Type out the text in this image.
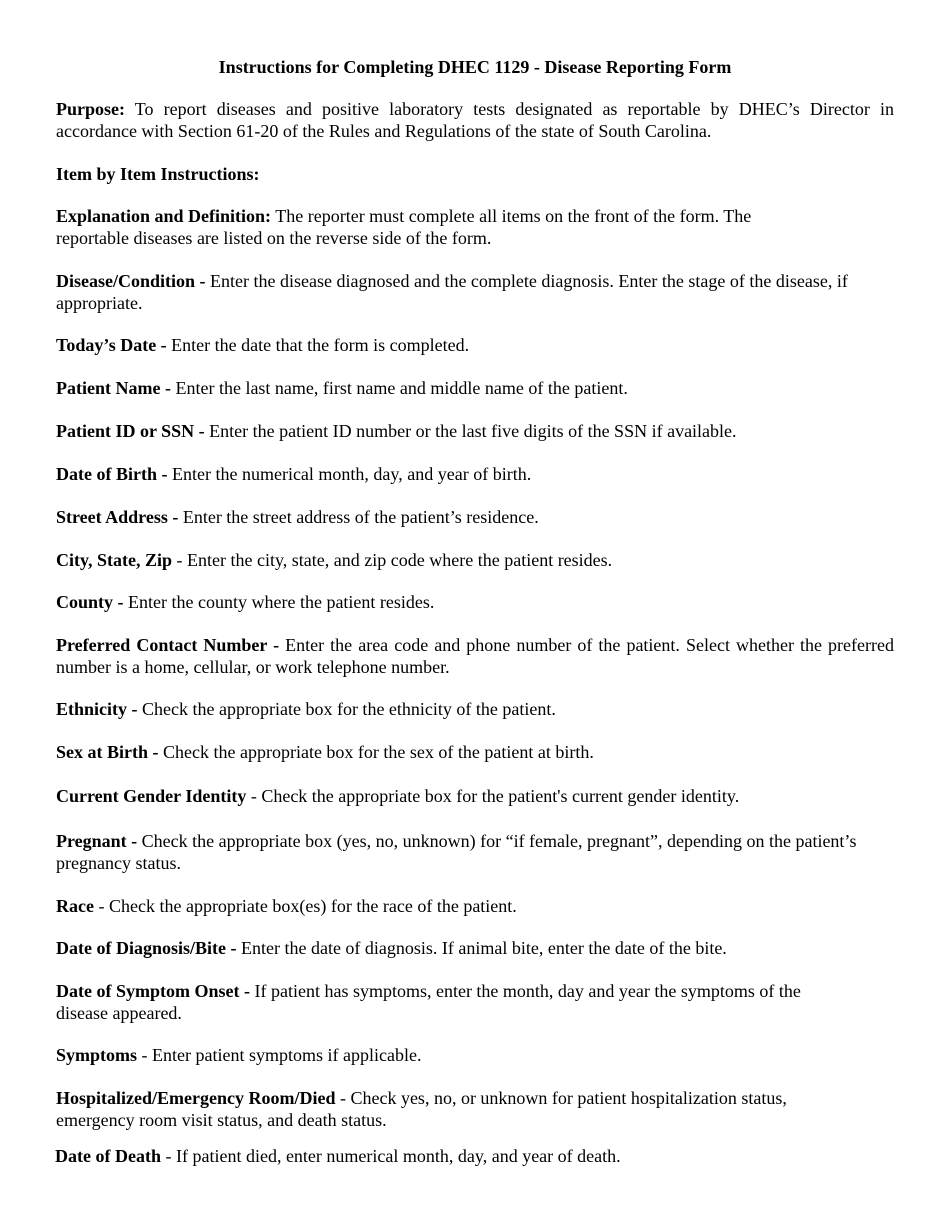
Instructions for Completing DHEC 1129 - Disease Reporting Form

Purpose: To report diseases and positive laboratory tests designated as reportable by DHEC’s Director in accordance with Section 61-20 of the Rules and Regulations of the state of South Carolina.

Item by Item Instructions:

Explanation and Definition: The reporter must complete all items on the front of the form. The reportable diseases are listed on the reverse side of the form.

Disease/Condition - Enter the disease diagnosed and the complete diagnosis. Enter the stage of the disease, if appropriate.

Today’s Date - Enter the date that the form is completed.

Patient Name - Enter the last name, first name and middle name of the patient.

Patient ID or SSN - Enter the patient ID number or the last five digits of the SSN if available.

Date of Birth - Enter the numerical month, day, and year of birth.

Street Address - Enter the street address of the patient’s residence.

City, State, Zip - Enter the city, state, and zip code where the patient resides.

County - Enter the county where the patient resides.

Preferred Contact Number - Enter the area code and phone number of the patient. Select whether the preferred number is a home, cellular, or work telephone number.

Ethnicity - Check the appropriate box for the ethnicity of the patient.

Sex at Birth - Check the appropriate box for the sex of the patient at birth.

Current Gender Identity - Check the appropriate box for the patient's current gender identity.

Pregnant - Check the appropriate box (yes, no, unknown) for “if female, pregnant”, depending on the patient’s pregnancy status.

Race - Check the appropriate box(es) for the race of the patient.

Date of Diagnosis/Bite - Enter the date of diagnosis. If animal bite, enter the date of the bite.

Date of Symptom Onset - If patient has symptoms, enter the month, day and year the symptoms of the disease appeared.

Symptoms - Enter patient symptoms if applicable.

Hospitalized/Emergency Room/Died - Check yes, no, or unknown for patient hospitalization status, emergency room visit status, and death status.

Date of Death - If patient died, enter numerical month, day, and year of death.
